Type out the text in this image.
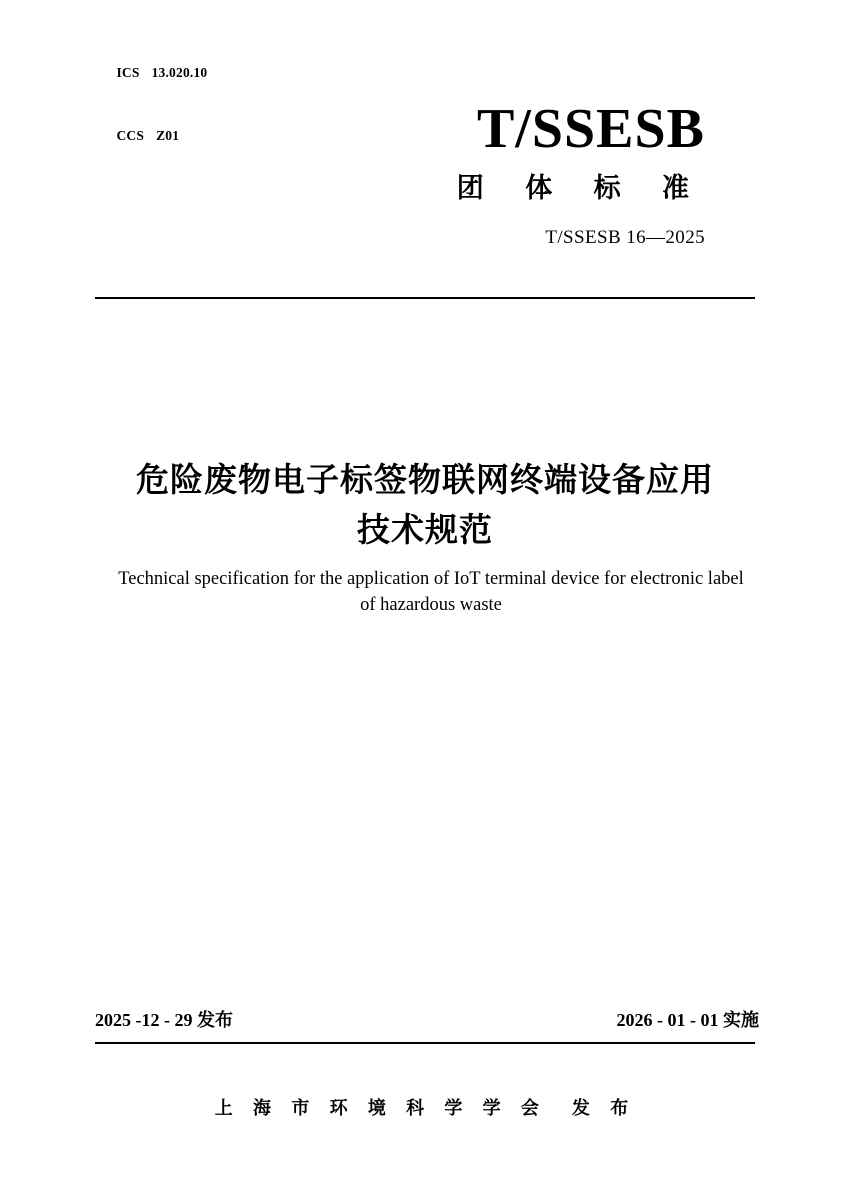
ICS 13.020.10

CCS Z01
	T/SSESB
团 体 标 准
T/SSESB 16—2025
危险废物电子标签物联网终端设备应用
技术规范
Technical specification for the application of IoT terminal device for electronic label
of hazardous waste
2025 -12 - 29 发布	2026 - 01 - 01 实施
上 海 市 环 境 科 学 学 会 发 布
